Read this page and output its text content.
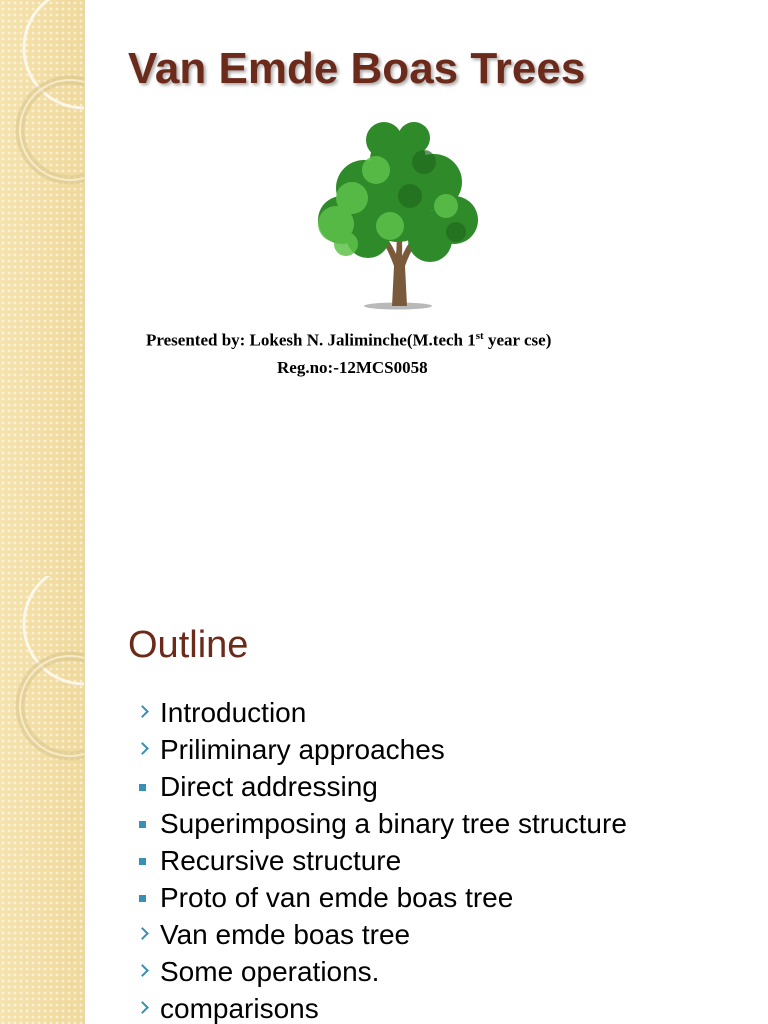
Van Emde Boas Trees

Presented by: Lokesh N. Jaliminche(M.tech 1st year cse)

Reg.no:-12MCS0058

Outline
Introduction
Priliminary approaches
Direct addressing
Superimposing a binary tree structure
Recursive structure
Proto of van emde boas tree
Van emde boas tree
Some operations.
comparisons
